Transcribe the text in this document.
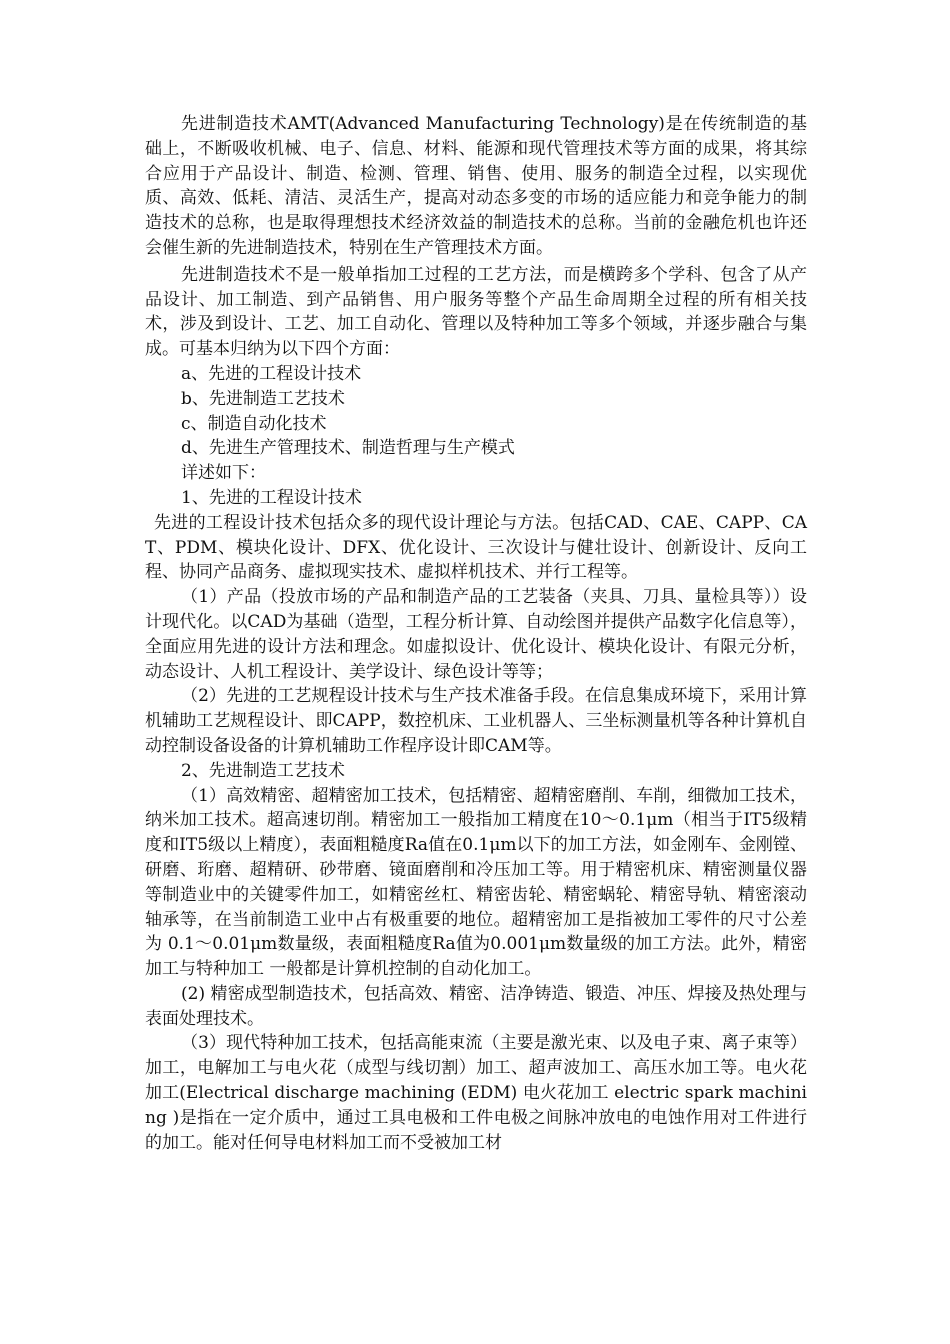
先进制造技术AMT(Advanced Manufacturing Technology)是在传统制造的基础上，不断吸收机械、电子、信息、材料、能源和现代管理技术等方面的成果，将其综合应用于产品设计、制造、检测、管理、销售、使用、服务的制造全过程，以实现优质、高效、低耗、清洁、灵活生产，提高对动态多变的市场的适应能力和竞争能力的制造技术的总称，也是取得理想技术经济效益的制造技术的总称。当前的金融危机也许还会催生新的先进制造技术，特别在生产管理技术方面。

先进制造技术不是一般单指加工过程的工艺方法，而是横跨多个学科、包含了从产品设计、加工制造、到产品销售、用户服务等整个产品生命周期全过程的所有相关技术，涉及到设计、工艺、加工自动化、管理以及特种加工等多个领域，并逐步融合与集成。可基本归纳为以下四个方面：

a、先进的工程设计技术

b、先进制造工艺技术

c、制造自动化技术

d、先进生产管理技术、制造哲理与生产模式

详述如下：

1、先进的工程设计技术

先进的工程设计技术包括众多的现代设计理论与方法。包括CAD、CAE、CAPP、CAT、PDM、模块化设计、DFX、优化设计、三次设计与健壮设计、创新设计、反向工程、协同产品商务、虚拟现实技术、虚拟样机技术、并行工程等。

（1）产品（投放市场的产品和制造产品的工艺装备（夹具、刀具、量检具等））设计现代化。以CAD为基础（造型，工程分析计算、自动绘图并提供产品数字化信息等），全面应用先进的设计方法和理念。如虚拟设计、优化设计、模块化设计、有限元分析，动态设计、人机工程设计、美学设计、绿色设计等等；

（2）先进的工艺规程设计技术与生产技术准备手段。在信息集成环境下，采用计算机辅助工艺规程设计、即CAPP，数控机床、工业机器人、三坐标测量机等各种计算机自动控制设备设备的计算机辅助工作程序设计即CAM等。

2、先进制造工艺技术

（1）高效精密、超精密加工技术，包括精密、超精密磨削、车削，细微加工技术，纳米加工技术。超高速切削。精密加工一般指加工精度在10～0.1μm（相当于IT5级精度和IT5级以上精度），表面粗糙度Ra值在0.1μm以下的加工方法，如金刚车、金刚镗、研磨、珩磨、超精研、砂带磨、镜面磨削和冷压加工等。用于精密机床、精密测量仪器等制造业中的关键零件加工，如精密丝杠、精密齿轮、精密蜗轮、精密导轨、精密滚动轴承等，在当前制造工业中占有极重要的地位。超精密加工是指被加工零件的尺寸公差为 0.1～0.01μm数量级，表面粗糙度Ra值为0.001μm数量级的加工方法。此外，精密加工与特种加工 一般都是计算机控制的自动化加工。

(2) 精密成型制造技术，包括高效、精密、洁净铸造、锻造、冲压、焊接及热处理与表面处理技术。

（3）现代特种加工技术，包括高能束流（主要是激光束、以及电子束、离子束等）加工，电解加工与电火花（成型与线切割）加工、超声波加工、高压水加工等。电火花加工(Electrical discharge machining (EDM) 电火花加工 electric spark machining )是指在一定介质中，通过工具电极和工件电极之间脉冲放电的电蚀作用对工件进行的加工。能对任何导电材料加工而不受被加工材
